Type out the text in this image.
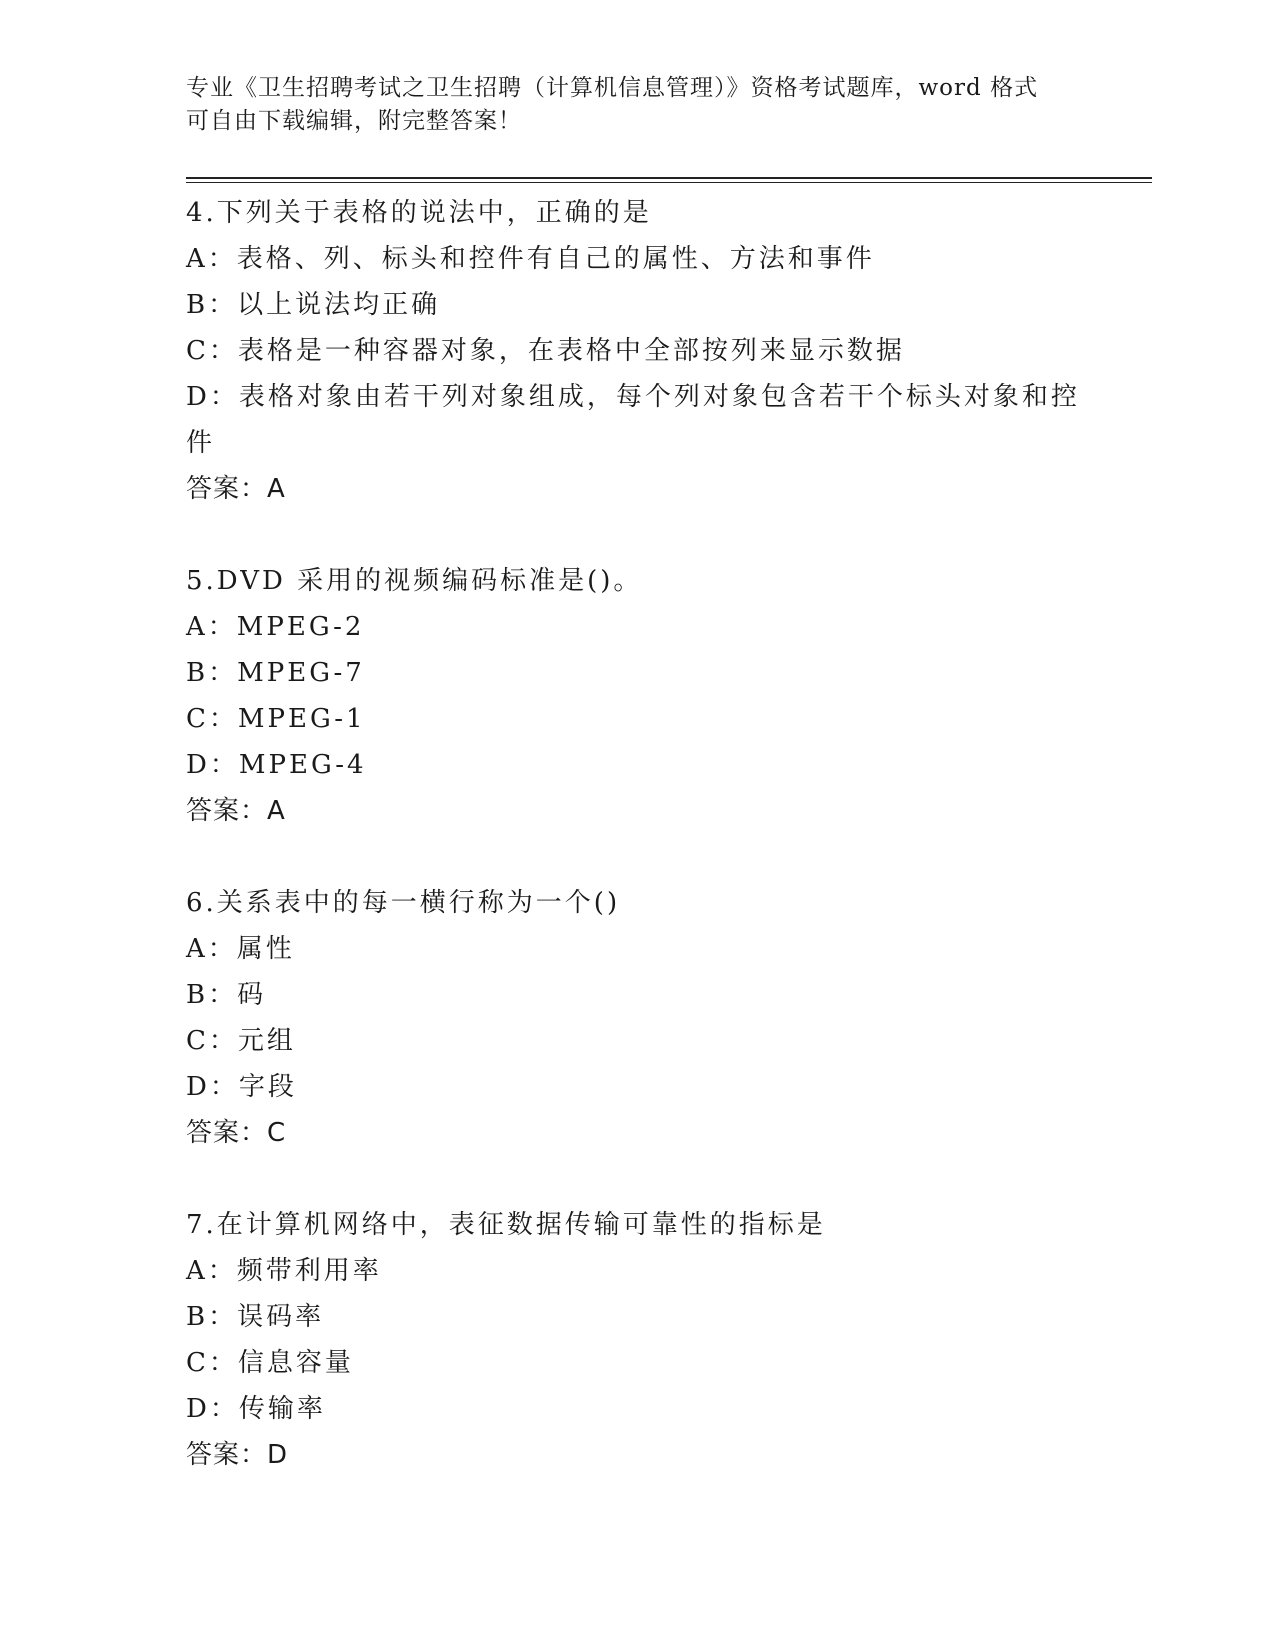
专业《卫生招聘考试之卫生招聘（计算机信息管理）》资格考试题库，word 格式
可自由下载编辑，附完整答案！
4.下列关于表格的说法中，正确的是
A：表格、列、标头和控件有自己的属性、方法和事件
B：以上说法均正确
C：表格是一种容器对象，在表格中全部按列来显示数据
D：表格对象由若干列对象组成，每个列对象包含若干个标头对象和控件
答案：A
5.DVD 采用的视频编码标准是()。
A：MPEG-2
B：MPEG-7
C：MPEG-1
D：MPEG-4
答案：A
6.关系表中的每一横行称为一个()
A：属性
B：码
C：元组
D：字段
答案：C
7.在计算机网络中，表征数据传输可靠性的指标是
A：频带利用率
B：误码率
C：信息容量
D：传输率
答案：D
